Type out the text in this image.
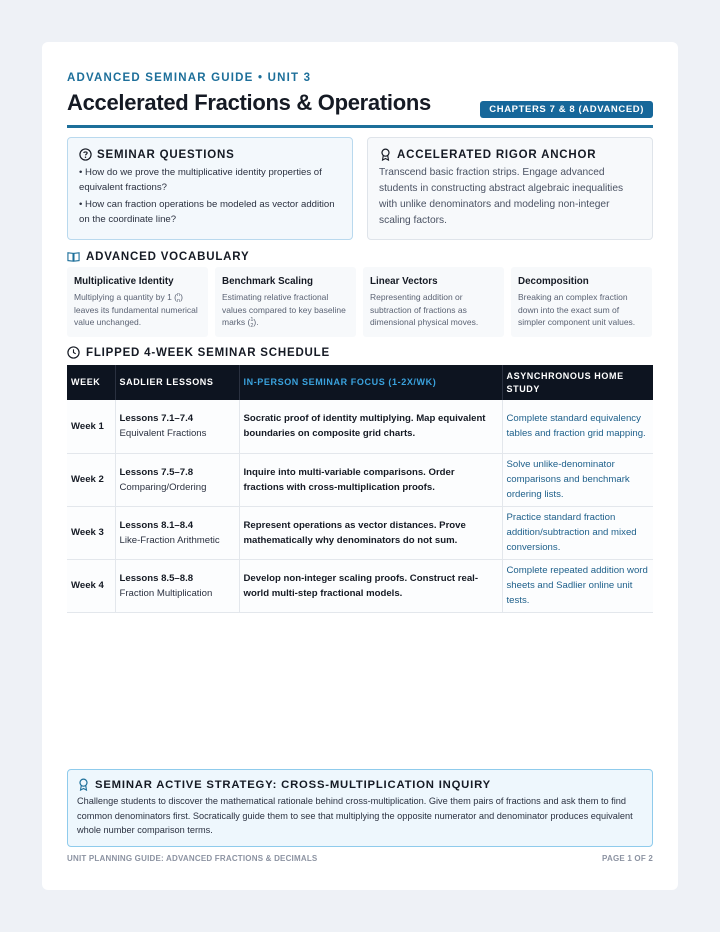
ADVANCED SEMINAR GUIDE • UNIT 3
Accelerated Fractions & Operations	CHAPTERS 7 & 8 (ADVANCED)
SEMINAR QUESTIONS
• How do we prove the multiplicative identity properties of equivalent fractions?
• How can fraction operations be modeled as vector addition on the coordinate line?
ACCELERATED RIGOR ANCHOR
Transcend basic fraction strips. Engage advanced students in constructing abstract algebraic inequalities with unlike denominators and modeling non-integer scaling factors.
ADVANCED VOCABULARY
Multiplicative Identity
Multiplying a quantity by 1 (n
n) leaves its fundamental numerical value unchanged.
Benchmark Scaling
Estimating relative fractional values compared to key baseline marks (1
2).
Linear Vectors
Representing addition or subtraction of fractions as dimensional physical moves.
Decomposition
Breaking an complex fraction down into the exact sum of simpler component unit values.
FLIPPED 4-WEEK SEMINAR SCHEDULE
WEEK	SADLIER LESSONS	IN-PERSON SEMINAR FOCUS (1-2X/WK)	ASYNCHRONOUS HOME STUDY
Week 1	Lessons 7.1–7.4
Equivalent Fractions	Socratic proof of identity multiplying. Map equivalent boundaries on composite grid charts.	Complete standard equivalency tables and fraction grid mapping.
Week 2	Lessons 7.5–7.8
Comparing/Ordering	Inquire into multi-variable comparisons. Order fractions with cross-multiplication proofs.	Solve unlike-denominator comparisons and benchmark ordering lists.
Week 3	Lessons 8.1–8.4
Like-Fraction Arithmetic	Represent operations as vector distances. Prove mathematically why denominators do not sum.	Practice standard fraction addition/subtraction and mixed conversions.
Week 4	Lessons 8.5–8.8
Fraction Multiplication	Develop non-integer scaling proofs. Construct real-world multi-step fractional models.	Complete repeated addition word sheets and Sadlier online unit tests.
SEMINAR ACTIVE STRATEGY: CROSS-MULTIPLICATION INQUIRY
Challenge students to discover the mathematical rationale behind cross-multiplication. Give them pairs of fractions and ask them to find common denominators first. Socratically guide them to see that multiplying the opposite numerator and denominator produces equivalent whole number comparison terms.
UNIT PLANNING GUIDE: ADVANCED FRACTIONS & DECIMALS	PAGE 1 OF 2
